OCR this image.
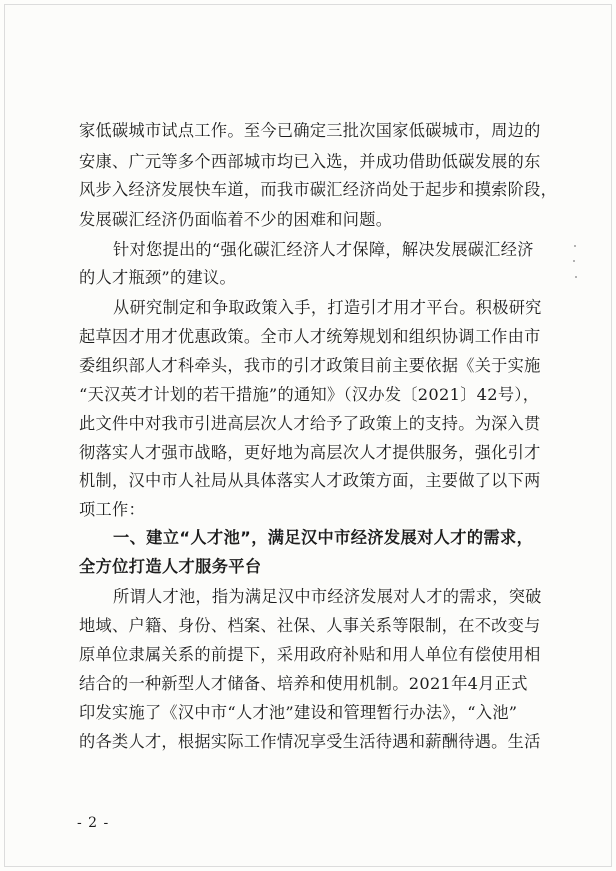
家低碳城市试点工作。至今已确定三批次国家低碳城市，周边的
安康、广元等多个西部城市均已入选，并成功借助低碳发展的东
风步入经济发展快车道，而我市碳汇经济尚处于起步和摸索阶段，
发展碳汇经济仍面临着不少的困难和问题。
针对您提出的“强化碳汇经济人才保障，解决发展碳汇经济
的人才瓶颈”的建议。
从研究制定和争取政策入手，打造引才用才平台。积极研究
起草因才用才优惠政策。全市人才统筹规划和组织协调工作由市
委组织部人才科牵头，我市的引才政策目前主要依据《关于实施
“天汉英才计划的若干措施”的通知》（汉办发〔2021〕42号），
此文件中对我市引进高层次人才给予了政策上的支持。为深入贯
彻落实人才强市战略，更好地为高层次人才提供服务，强化引才
机制，汉中市人社局从具体落实人才政策方面，主要做了以下两
项工作：
一、建立“人才池”，满足汉中市经济发展对人才的需求，
全方位打造人才服务平台
所谓人才池，指为满足汉中市经济发展对人才的需求，突破
地域、户籍、身份、档案、社保、人事关系等限制，在不改变与
原单位隶属关系的前提下，采用政府补贴和用人单位有偿使用相
结合的一种新型人才储备、培养和使用机制。2021年4月正式
印发实施了《汉中市“人才池”建设和管理暂行办法》，“入池”
的各类人才，根据实际工作情况享受生活待遇和薪酬待遇。生活
- 2 -
